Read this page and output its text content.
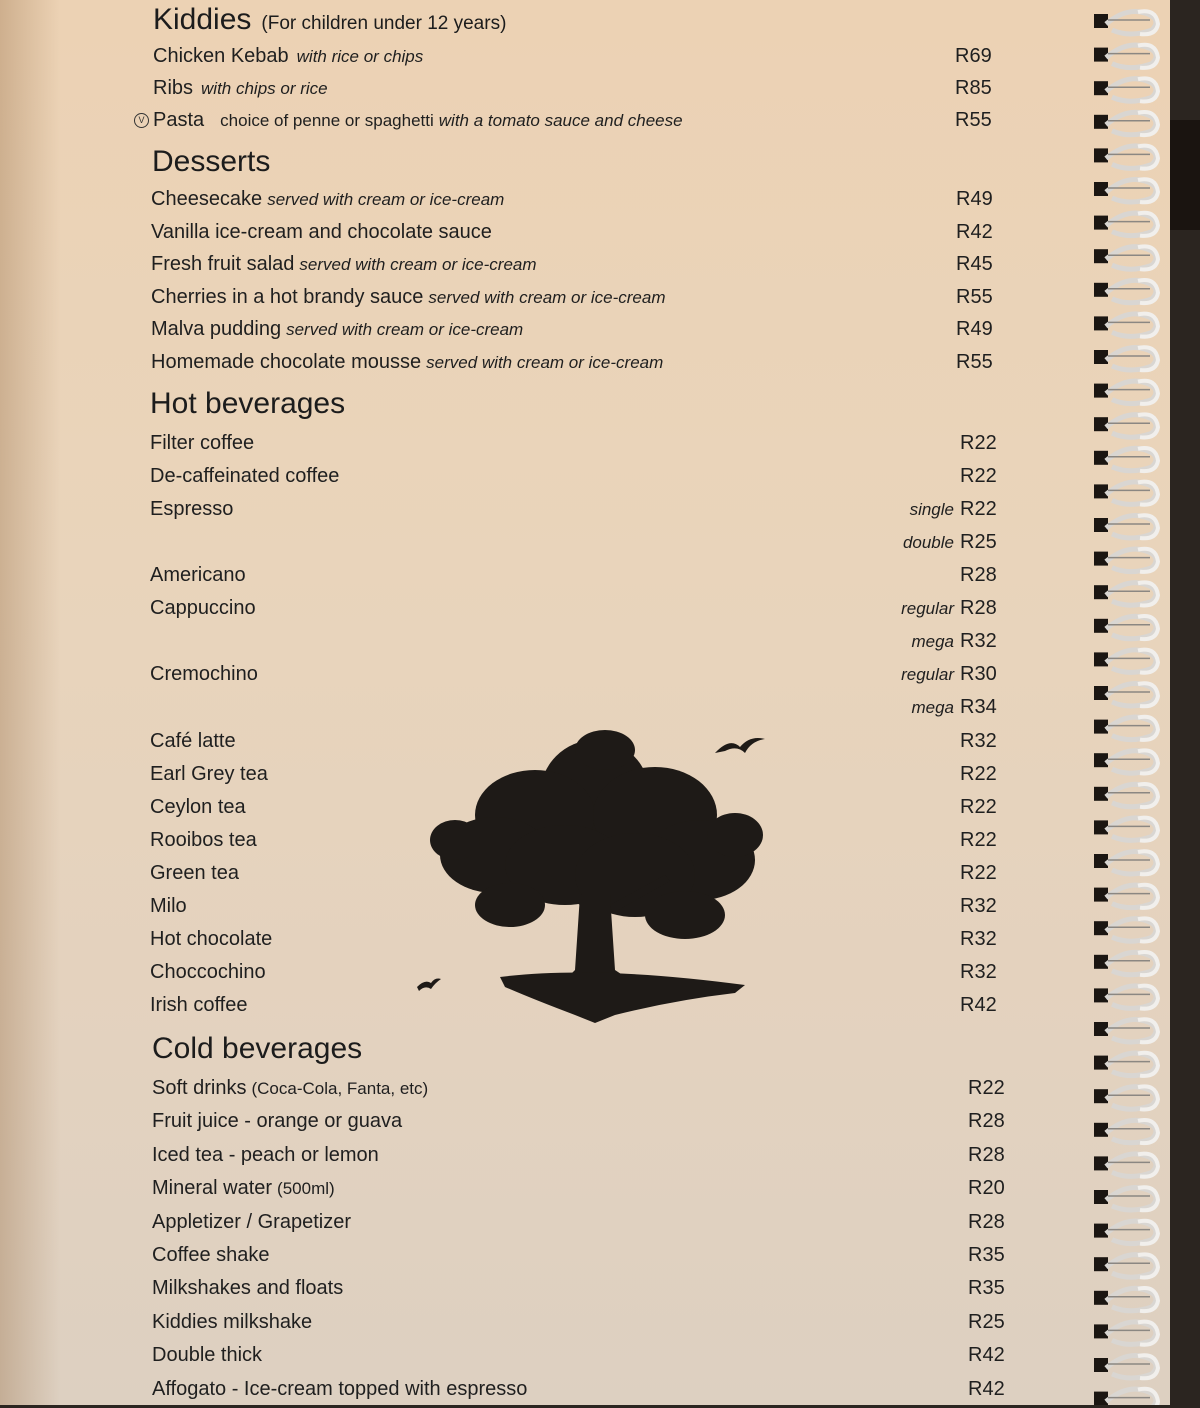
Kiddies (For children under 12 years)
Chicken Kebab with rice or chips	R69
Ribs with chips or rice	R85
V Pasta choice of penne or spaghetti with a tomato sauce and cheese	R55
Desserts
Cheesecake served with cream or ice-cream	R49
Vanilla ice-cream and chocolate sauce	R42
Fresh fruit salad served with cream or ice-cream	R45
Cherries in a hot brandy sauce served with cream or ice-cream	R55
Malva pudding served with cream or ice-cream	R49
Homemade chocolate mousse served with cream or ice-cream	R55
Hot beverages
Filter coffee	R22
De-caffeinated coffee	R22
Espresso	single R22
double R25
Americano	R28
Cappuccino	regular R28
mega R32
Cremochino	regular R30
mega R34
Café latte	R32
Earl Grey tea	R22
Ceylon tea	R22
Rooibos tea	R22
Green tea	R22
Milo	R32
Hot chocolate	R32
Choccochino	R32
Irish coffee	R42
Cold beverages
Soft drinks (Coca-Cola, Fanta, etc)	R22
Fruit juice - orange or guava	R28
Iced tea - peach or lemon	R28
Mineral water (500ml)	R20
Appletizer / Grapetizer	R28
Coffee shake	R35
Milkshakes and floats	R35
Kiddies milkshake	R25
Double thick	R42
Affogato - Ice-cream topped with espresso	R42
